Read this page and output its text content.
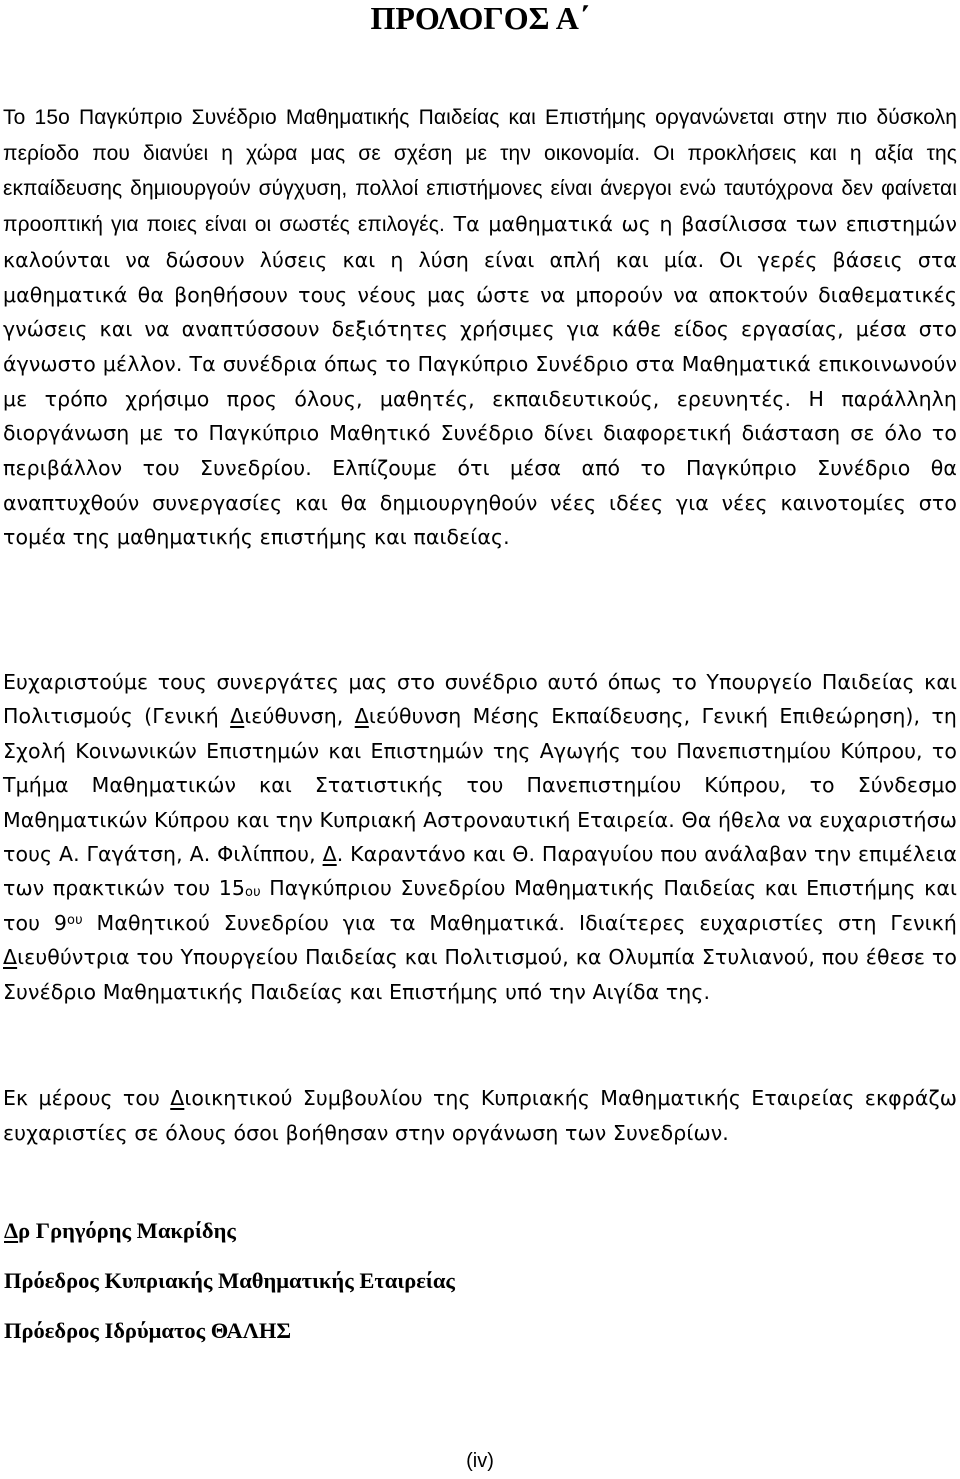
ΠΡΟΛΟΓΟΣ Α΄

Το 15ο Παγκύπριο Συνέδριο Μαθηματικής Παιδείας και Επιστήμης οργανώνεται στην πιο δύσκολη περίοδο που διανύει η χώρα μας σε σχέση με την οικονομία. Οι προκλήσεις και η αξία της εκπαίδευσης δημιουργούν σύγχυση, πολλοί επιστήμονες είναι άνεργοι ενώ ταυτόχρονα δεν φαίνεται προοπτική για ποιες είναι οι σωστές επιλογές. Τα μαθηματικά ως η βασίλισσα των επιστημών καλούνται να δώσουν λύσεις και η λύση είναι απλή και μία. Οι γερές βάσεις στα μαθηματικά θα βοηθήσουν τους νέους μας ώστε να μπορούν να αποκτούν διαθεματικές γνώσεις και να αναπτύσσουν δεξιότητες χρήσιμες για κάθε είδος εργασίας, μέσα στο άγνωστο μέλλον. Τα συνέδρια όπως το Παγκύπριο Συνέδριο στα Μαθηματικά επικοινωνούν με τρόπο χρήσιμο προς όλους, μαθητές, εκπαιδευτικούς, ερευνητές. Η παράλληλη διοργάνωση με το Παγκύπριο Μαθητικό Συνέδριο δίνει διαφορετική διάσταση σε όλο το περιβάλλον του Συνεδρίου. Ελπίζουμε ότι μέσα από το Παγκύπριο Συνέδριο θα αναπτυχθούν συνεργασίες και θα δημιουργηθούν νέες ιδέες για νέες καινοτομίες στο τομέα της μαθηματικής επιστήμης και παιδείας.

Ευχαριστούμε τους συνεργάτες μας στο συνέδριο αυτό όπως το Υπουργείο Παιδείας και Πολιτισμούς (Γενική Διεύθυνση, Διεύθυνση Μέσης Εκπαίδευσης, Γενική Επιθεώρηση), τη Σχολή Κοινωνικών Επιστημών και Επιστημών της Αγωγής του Πανεπιστημίου Κύπρου, το Τμήμα Μαθηματικών και Στατιστικής του Πανεπιστημίου Κύπρου, το Σύνδεσμο Μαθηματικών Κύπρου και την Κυπριακή Αστροναυτική Εταιρεία. Θα ήθελα να ευχαριστήσω τους Α. Γαγάτση, Α. Φιλίππου, Δ. Καραντάνο και Θ. Παραγυίου που ανάλαβαν την επιμέλεια των πρακτικών του 15ου Παγκύπριου Συνεδρίου Μαθηματικής Παιδείας και Επιστήμης και του $9^{o\upsilon}$ Μαθητικού Συνεδρίου για τα Μαθηματικά. Ιδιαίτερες ευχαριστίες στη Γενική Διευθύντρια του Υπουργείου Παιδείας και Πολιτισμού, κα Ολυμπία Στυλιανού, που έθεσε το Συνέδριο Μαθηματικής Παιδείας και Επιστήμης υπό την Αιγίδα της.

Εκ μέρους του Διοικητικού Συμβουλίου της Κυπριακής Μαθηματικής Εταιρείας εκφράζω ευχαριστίες σε όλους όσοι βοήθησαν στην οργάνωση των Συνεδρίων.

Δρ Γρηγόρης Μακρίδης

Πρόεδρος Κυπριακής Μαθηματικής Εταιρείας

Πρόεδρος Ιδρύματος ΘΑΛΗΣ

(iv)
